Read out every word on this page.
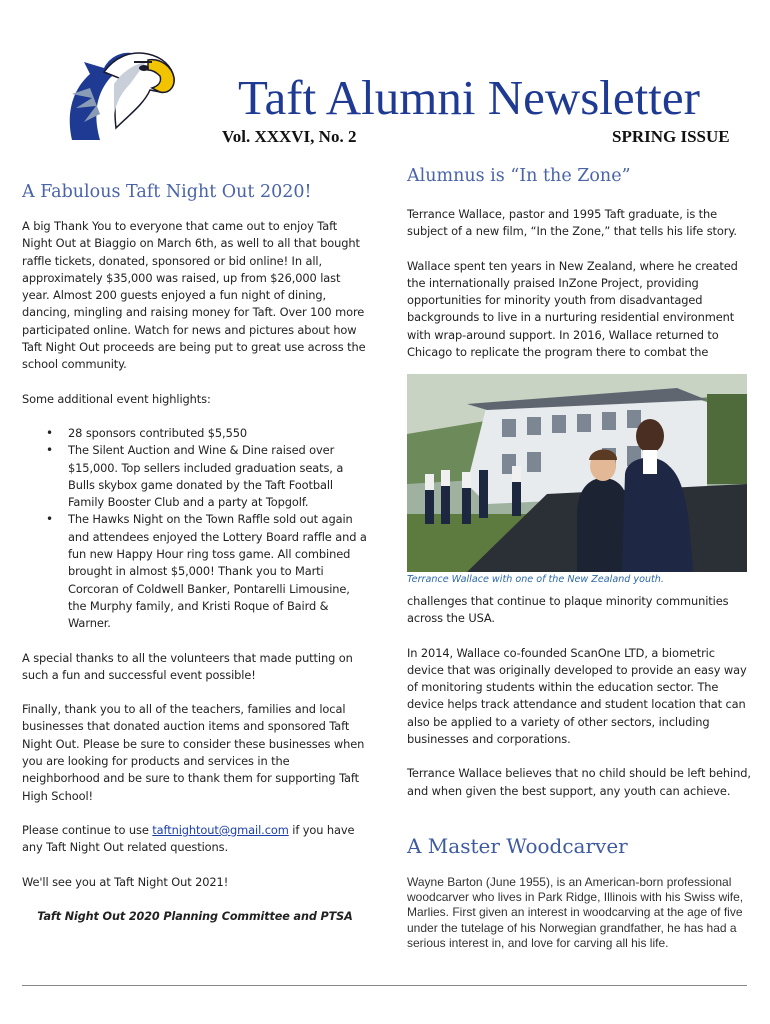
Taft Alumni Newsletter
Vol. XXXVI, No. 2	SPRING ISSUE
A Fabulous Taft Night Out 2020!

A big Thank You to everyone that came out to enjoy Taft Night Out at Biaggio on March 6th, as well to all that bought raffle tickets, donated, sponsored or bid online! In all, approximately $35,000 was raised, up from $26,000 last year. Almost 200 guests enjoyed a fun night of dining, dancing, mingling and raising money for Taft. Over 100 more participated online. Watch for news and pictures about how Taft Night Out proceeds are being put to great use across the school community.

Some additional event highlights:

• 28 sponsors contributed $5,550
• The Silent Auction and Wine & Dine raised over $15,000. Top sellers included graduation seats, a Bulls skybox game donated by the Taft Football Family Booster Club and a party at Topgolf.
• The Hawks Night on the Town Raffle sold out again and attendees enjoyed the Lottery Board raffle and a fun new Happy Hour ring toss game. All combined brought in almost $5,000! Thank you to Marti Corcoran of Coldwell Banker, Pontarelli Limousine, the Murphy family, and Kristi Roque of Baird & Warner.

A special thanks to all the volunteers that made putting on such a fun and successful event possible!

Finally, thank you to all of the teachers, families and local businesses that donated auction items and sponsored Taft Night Out. Please be sure to consider these businesses when you are looking for products and services in the neighborhood and be sure to thank them for supporting Taft High School!

Please continue to use taftnightout@gmail.com if you have any Taft Night Out related questions.

We'll see you at Taft Night Out 2021!

Taft Night Out 2020 Planning Committee and PTSA

Alumnus is “In the Zone”

Terrance Wallace, pastor and 1995 Taft graduate, is the subject of a new film, “In the Zone,” that tells his life story.

Wallace spent ten years in New Zealand, where he created the internationally praised InZone Project, providing opportunities for minority youth from disadvantaged backgrounds to live in a nurturing residential environment with wrap-around support. In 2016, Wallace returned to Chicago to replicate the program there to combat the

Terrance Wallace with one of the New Zealand youth.

challenges that continue to plaque minority communities across the USA.

In 2014, Wallace co-founded ScanOne LTD, a biometric device that was originally developed to provide an easy way of monitoring students within the education sector. The device helps track attendance and student location that can also be applied to a variety of other sectors, including businesses and corporations.

Terrance Wallace believes that no child should be left behind, and when given the best support, any youth can achieve.

A Master Woodcarver
Wayne Barton (June 1955), is an American-born professional woodcarver who lives in Park Ridge, Illinois with his Swiss wife, Marlies. First given an interest in woodcarving at the age of five under the tutelage of his Norwegian grandfather, he has had a serious interest in, and love for carving all his life.
